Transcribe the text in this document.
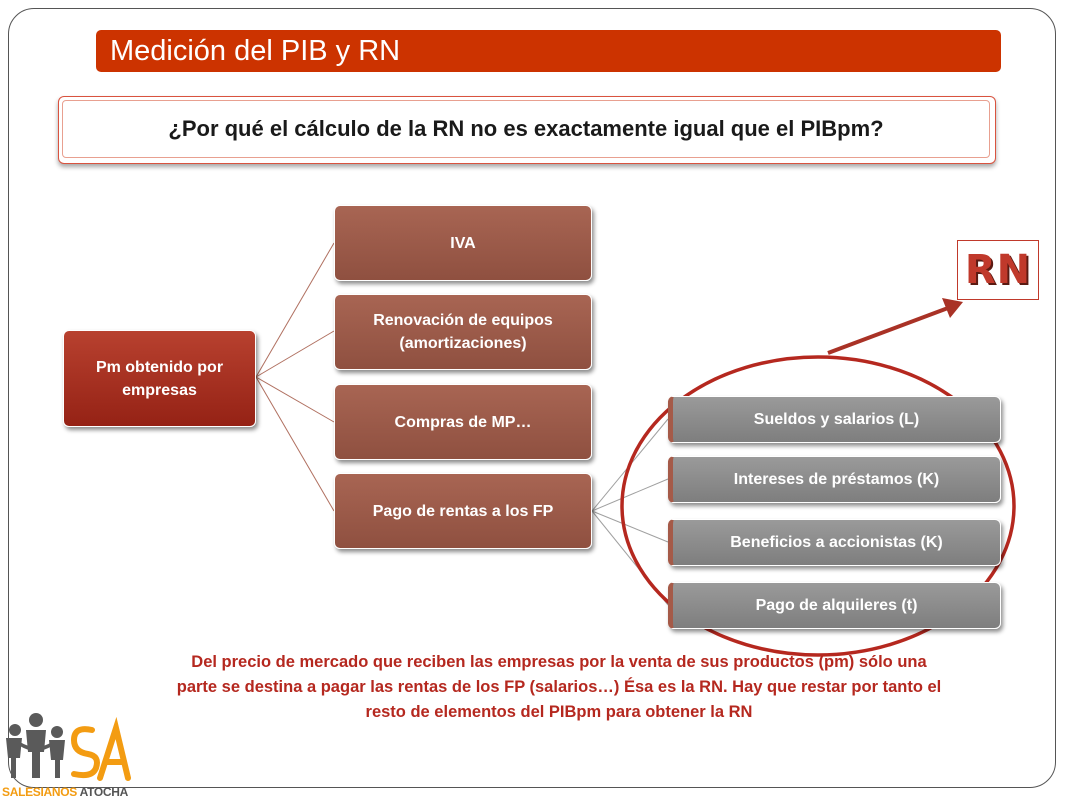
Medición del PIB y RN
¿Por qué el cálculo de la RN no es exactamente igual que el PIBpm?
Pm obtenido por empresas
IVA
Renovación de equipos (amortizaciones)
Compras de MP…
Pago de rentas a los FP
Sueldos y salarios (L)
Intereses de préstamos (K)
Beneficios a accionistas (K)
Pago de alquileres (t)
RN
Del precio de mercado que reciben las empresas por la venta de sus productos (pm) sólo una parte se destina a pagar las rentas de los FP (salarios…) Ésa es la RN. Hay que restar por tanto el resto de elementos del PIBpm para obtener la RN
SALESIANOS ATOCHA
